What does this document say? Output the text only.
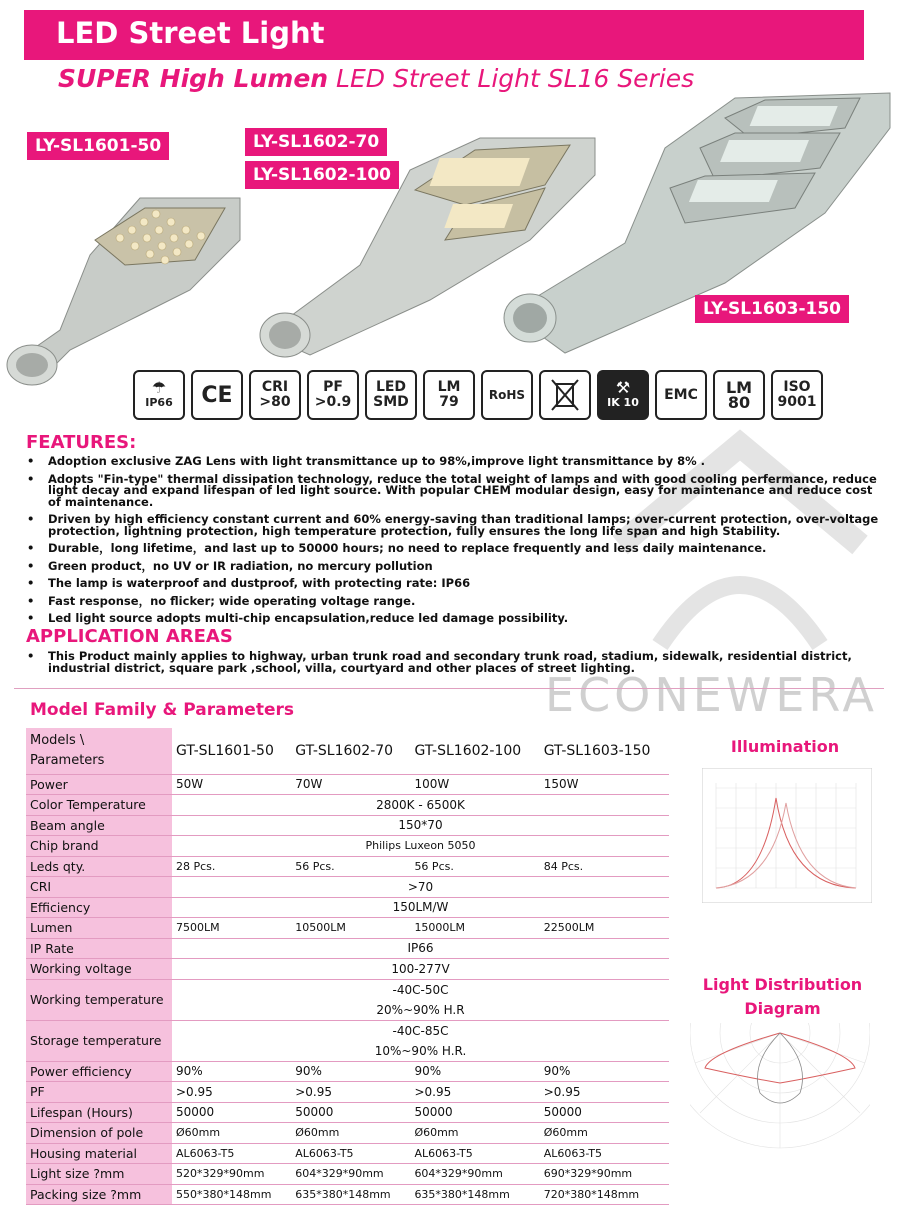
LED Street Light
SUPER High Lumen LED Street Light SL16 Series
LY-SL1601-50	LY-SL1602-70
LY-SL1602-100
LY-SL1603-150
☂
IP66 CE CRI
>80
PF
>0.9
LED
SMD
LM
79	RoHS	⚒
IK 10 EMC LM
80
ISO
9001
ECONEWERA
FEATURES:
• Adoption exclusive ZAG Lens with light transmittance up to 98%,improve light transmittance by 8% .
• Adopts "Fin-type" thermal dissipation technology, reduce the total weight of lamps and with good cooling perfermance, reduce light decay and expand lifespan of led light source. With popular CHEM modular design, easy for maintenance and reduce cost of maintenance.
• Driven by high efficiency constant current and 60% energy-saving than traditional lamps; over-current protection, over-voltage protection, lightning protection, high temperature protection, fully ensures the long life span and high Stability.
• Durable，long lifetime，and last up to 50000 hours; no need to replace frequently and less daily maintenance.
• Green product，no UV or IR radiation, no mercury pollution
• The lamp is waterproof and dustproof, with protecting rate: IP66
• Fast response，no flicker; wide operating voltage range.
• Led light source adopts multi-chip encapsulation,reduce led damage possibility.
APPLICATION AREAS
• This Product mainly applies to highway, urban trunk road and secondary trunk road, stadium, sidewalk, residential district, industrial district, square park ,school, villa, courtyard and other places of street lighting.
Model Family & Parameters
Models \
Parameters	GT-SL1601-50	GT-SL1602-70	GT-SL1602-100	GT-SL1603-150
Power	50W	70W	100W	150W
Color Temperature	2800K - 6500K			
Beam angle	150*70			
Chip brand	Philips Luxeon 5050			
Leds qty.	28 Pcs.	56 Pcs.	56 Pcs.	84 Pcs.
CRI	>70			
Efficiency	150LM/W			
Lumen	7500LM	10500LM	15000LM	22500LM
IP Rate	IP66			
Working voltage	100-277V			
Working temperature	-40C-50C
20%~90% H.R			
Storage temperature	-40C-85C
10%~90% H.R.			
Power efficiency	90%	90%	90%	90%
PF	>0.95	>0.95	>0.95	>0.95
Lifespan (Hours)	50000	50000	50000	50000
Dimension of pole	Ø60mm	Ø60mm	Ø60mm	Ø60mm
Housing material	AL6063-T5	AL6063-T5	AL6063-T5	AL6063-T5
Light size ?mm	520*329*90mm	604*329*90mm	604*329*90mm	690*329*90mm
Packing size ?mm	550*380*148mm	635*380*148mm	635*380*148mm	720*380*148mm
Illumination
Light Distribution
Diagram
